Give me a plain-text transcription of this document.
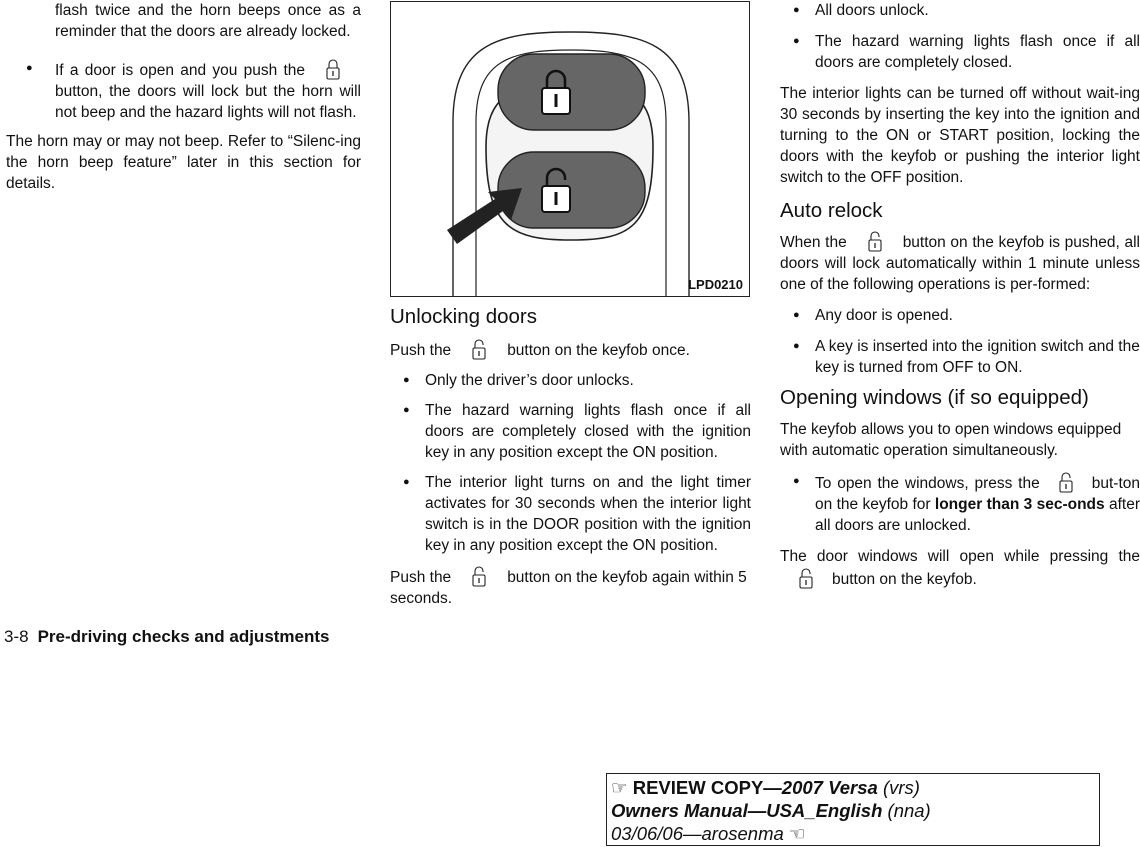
flash twice and the horn beeps once as a reminder that the doors are already locked.

● If a door is open and you push thebutton, the doors will lock but the horn will not beep and the hazard lights will not flash.

The horn may or may not beep. Refer to “Silenc-ing the horn beep feature” later in this section for details.

LPD0210
Unlocking doors

Push the	button on the keyfob once.

● Only the driver’s door unlocks.

● The hazard warning lights flash once if all doors are completely closed with the ignition key in any position except the ON position.

● The interior light turns on and the light timer activates for 30 seconds when the interior light switch is in the DOOR position with the ignition key in any position except the ON position.

Push the	button on the keyfob again within 5 seconds.

● All doors unlock.

● The hazard warning lights flash once if all doors are completely closed.

The interior lights can be turned off without wait-ing 30 seconds by inserting the key into the ignition and turning to the ON or START position, locking the doors with the keyfob or pushing the interior light switch to the OFF position.

Auto relock

When the	button on the keyfob is pushed, all doors will lock automatically within 1 minute unless one of the following operations is per-formed:

● Any door is opened.

● A key is inserted into the ignition switch and the key is turned from OFF to ON.

Opening windows (if so equipped)

The keyfob allows you to open windows equipped with automatic operation simultaneously.

● To open the windows, press the	but-ton on the keyfob for longer than 3 sec-onds after all doors are unlocked.

The door windows will open while pressing thebutton on the keyfob.

3-8 Pre-driving checks and adjustments
☞ REVIEW COPY—2007 Versa (vrs)
Owners Manual—USA_English (nna)
03/06/06—arosenma ☜
